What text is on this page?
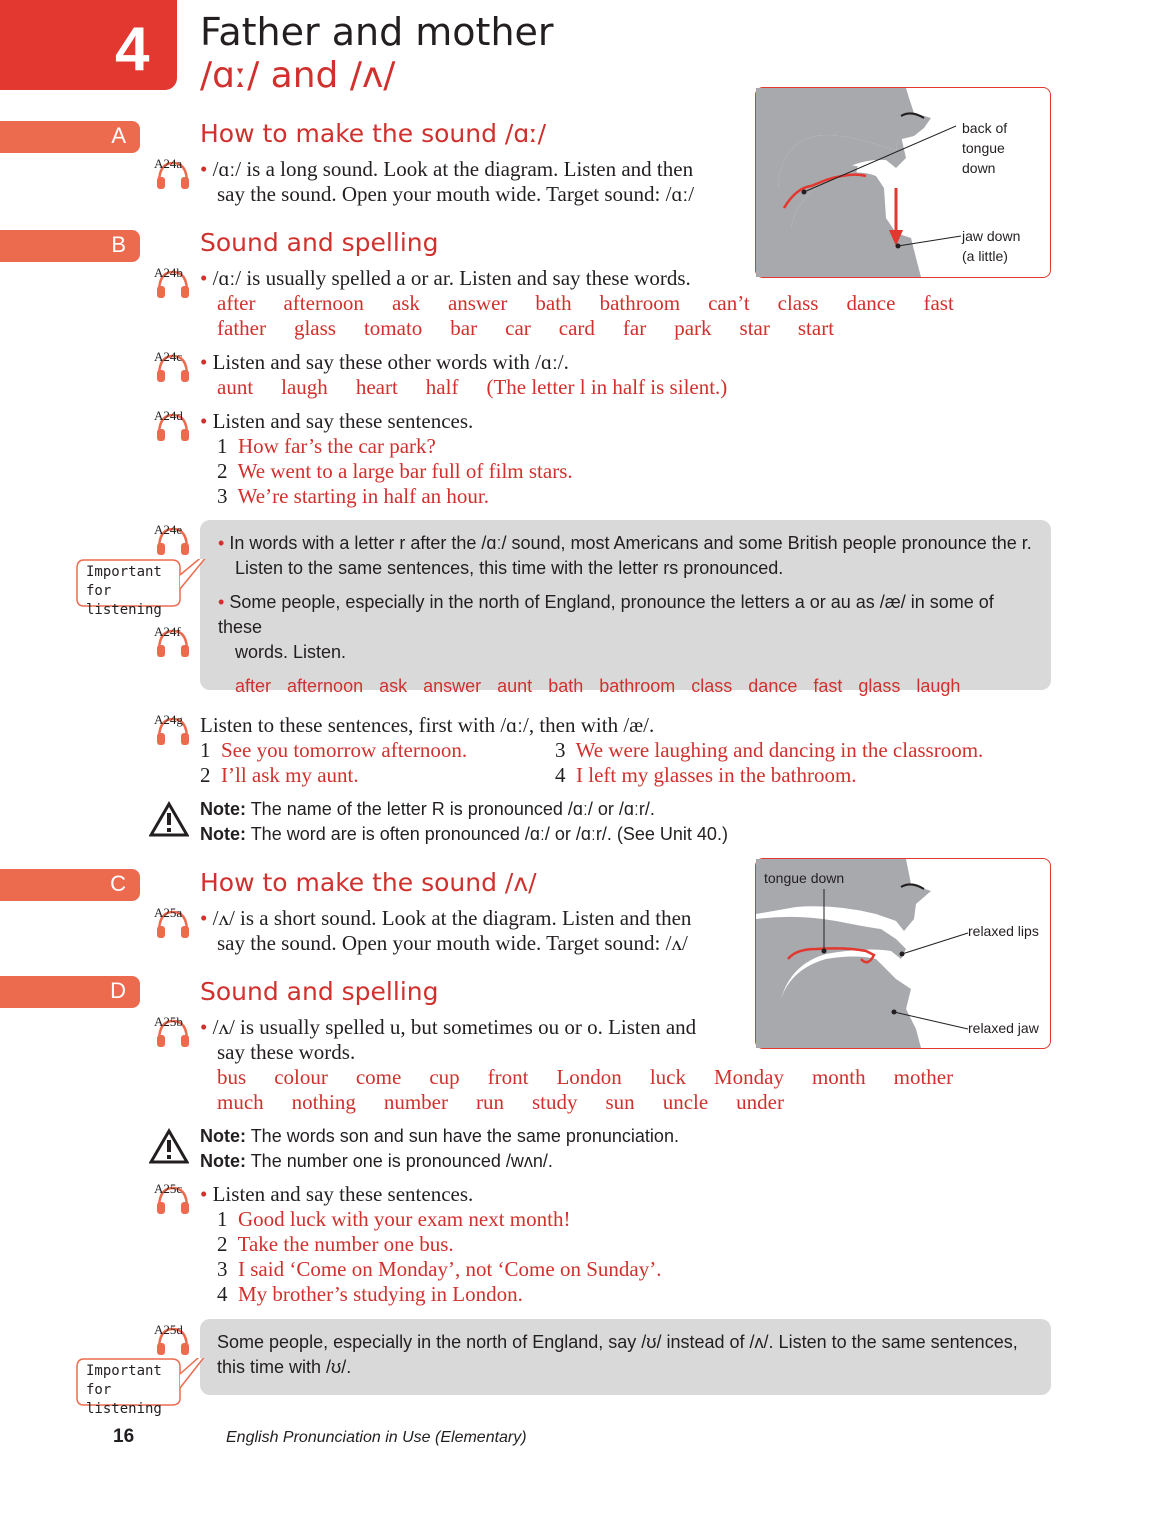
4 Father and mother
/ɑː/ and /ʌ/
back of
tongue
down
jaw down
(a little)
A	How to make the sound /ɑː/
A24a • /ɑː/ is a long sound. Look at the diagram. Listen and then
say the sound. Open your mouth wide. Target sound: /ɑː/
B	Sound and spelling
A24b • /ɑː/ is usually spelled a or ar. Listen and say these words.
after afternoon ask answer bath bathroom can’t class dance fast
father glass tomato bar car card far park star start
A24c • Listen and say these other words with /ɑː/.
aunt laugh heart half (The letter l in half is silent.)
A24d • Listen and say these sentences.
1 How far’s the car park?
2 We went to a large bar full of film stars.
3 We’re starting in half an hour.
A24e
A24f
Important
for listening
• In words with a letter r after the /ɑː/ sound, most Americans and some British people pronounce the r.
Listen to the same sentences, this time with the letter rs pronounced.
• Some people, especially in the north of England, pronounce the letters a or au as /æ/ in some of these
words. Listen.
after afternoon ask answer aunt bath bathroom class dance fast glass laugh
A24g Listen to these sentences, first with /ɑː/, then with /æ/.
1 See you tomorrow afternoon.
2 I’ll ask my aunt.
3 We were laughing and dancing in the classroom.
4 I left my glasses in the bathroom.
Note: The name of the letter R is pronounced /ɑː/ or /ɑːr/.
Note: The word are is often pronounced /ɑː/ or /ɑːr/. (See Unit 40.)
tongue down
relaxed lips
relaxed jaw
C	How to make the sound /ʌ/
A25a • /ʌ/ is a short sound. Look at the diagram. Listen and then
say the sound. Open your mouth wide. Target sound: /ʌ/
D	Sound and spelling
A25b • /ʌ/ is usually spelled u, but sometimes ou or o. Listen and
say these words.
bus colour come cup front London luck Monday month mother
much nothing number run study sun uncle under
Note: The words son and sun have the same pronunciation.
Note: The number one is pronounced /wʌn/.
A25c • Listen and say these sentences.
1 Good luck with your exam next month!
2 Take the number one bus.
3 I said ‘Come on Monday’, not ‘Come on Sunday’.
4 My brother’s studying in London.
A25d
Important
for listening
Some people, especially in the north of England, say /ʊ/ instead of /ʌ/. Listen to the same sentences,
this time with /ʊ/.
16	English Pronunciation in Use (Elementary)
